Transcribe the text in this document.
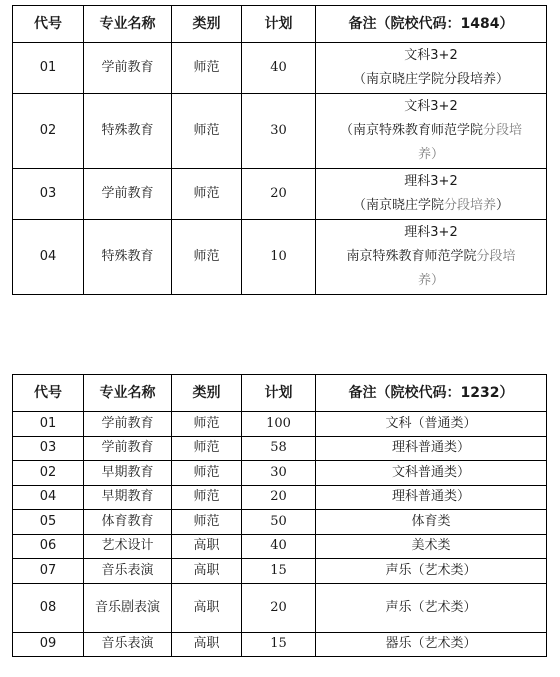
代号	专业名称	类别	计划	备注（院校代码：1484）
01	学前教育	师范	40	文科3+2
（南京晓庄学院分段培养）

02	特殊教育	师范	30	文科3+2
（南京特殊教育师范学院分段培
养）

03	学前教育	师范	20	理科3+2
（南京晓庄学院分段培养）

04	特殊教育	师范	10	理科3+2
南京特殊教育师范学院分段培
养）
代号	专业名称	类别	计划	备注（院校代码：1232）
01	学前教育	师范	100	文科（普通类）
03	学前教育	师范	58	理科普通类）
02	早期教育	师范	30	文科普通类）
04	早期教育	师范	20	理科普通类）
05	体育教育	师范	50	体育类
06	艺术设计	高职	40	美术类
07	音乐表演	高职	15	声乐（艺术类）
08	音乐剧表演	高职	20	声乐（艺术类）
09	音乐表演	高职	15	器乐（艺术类）
